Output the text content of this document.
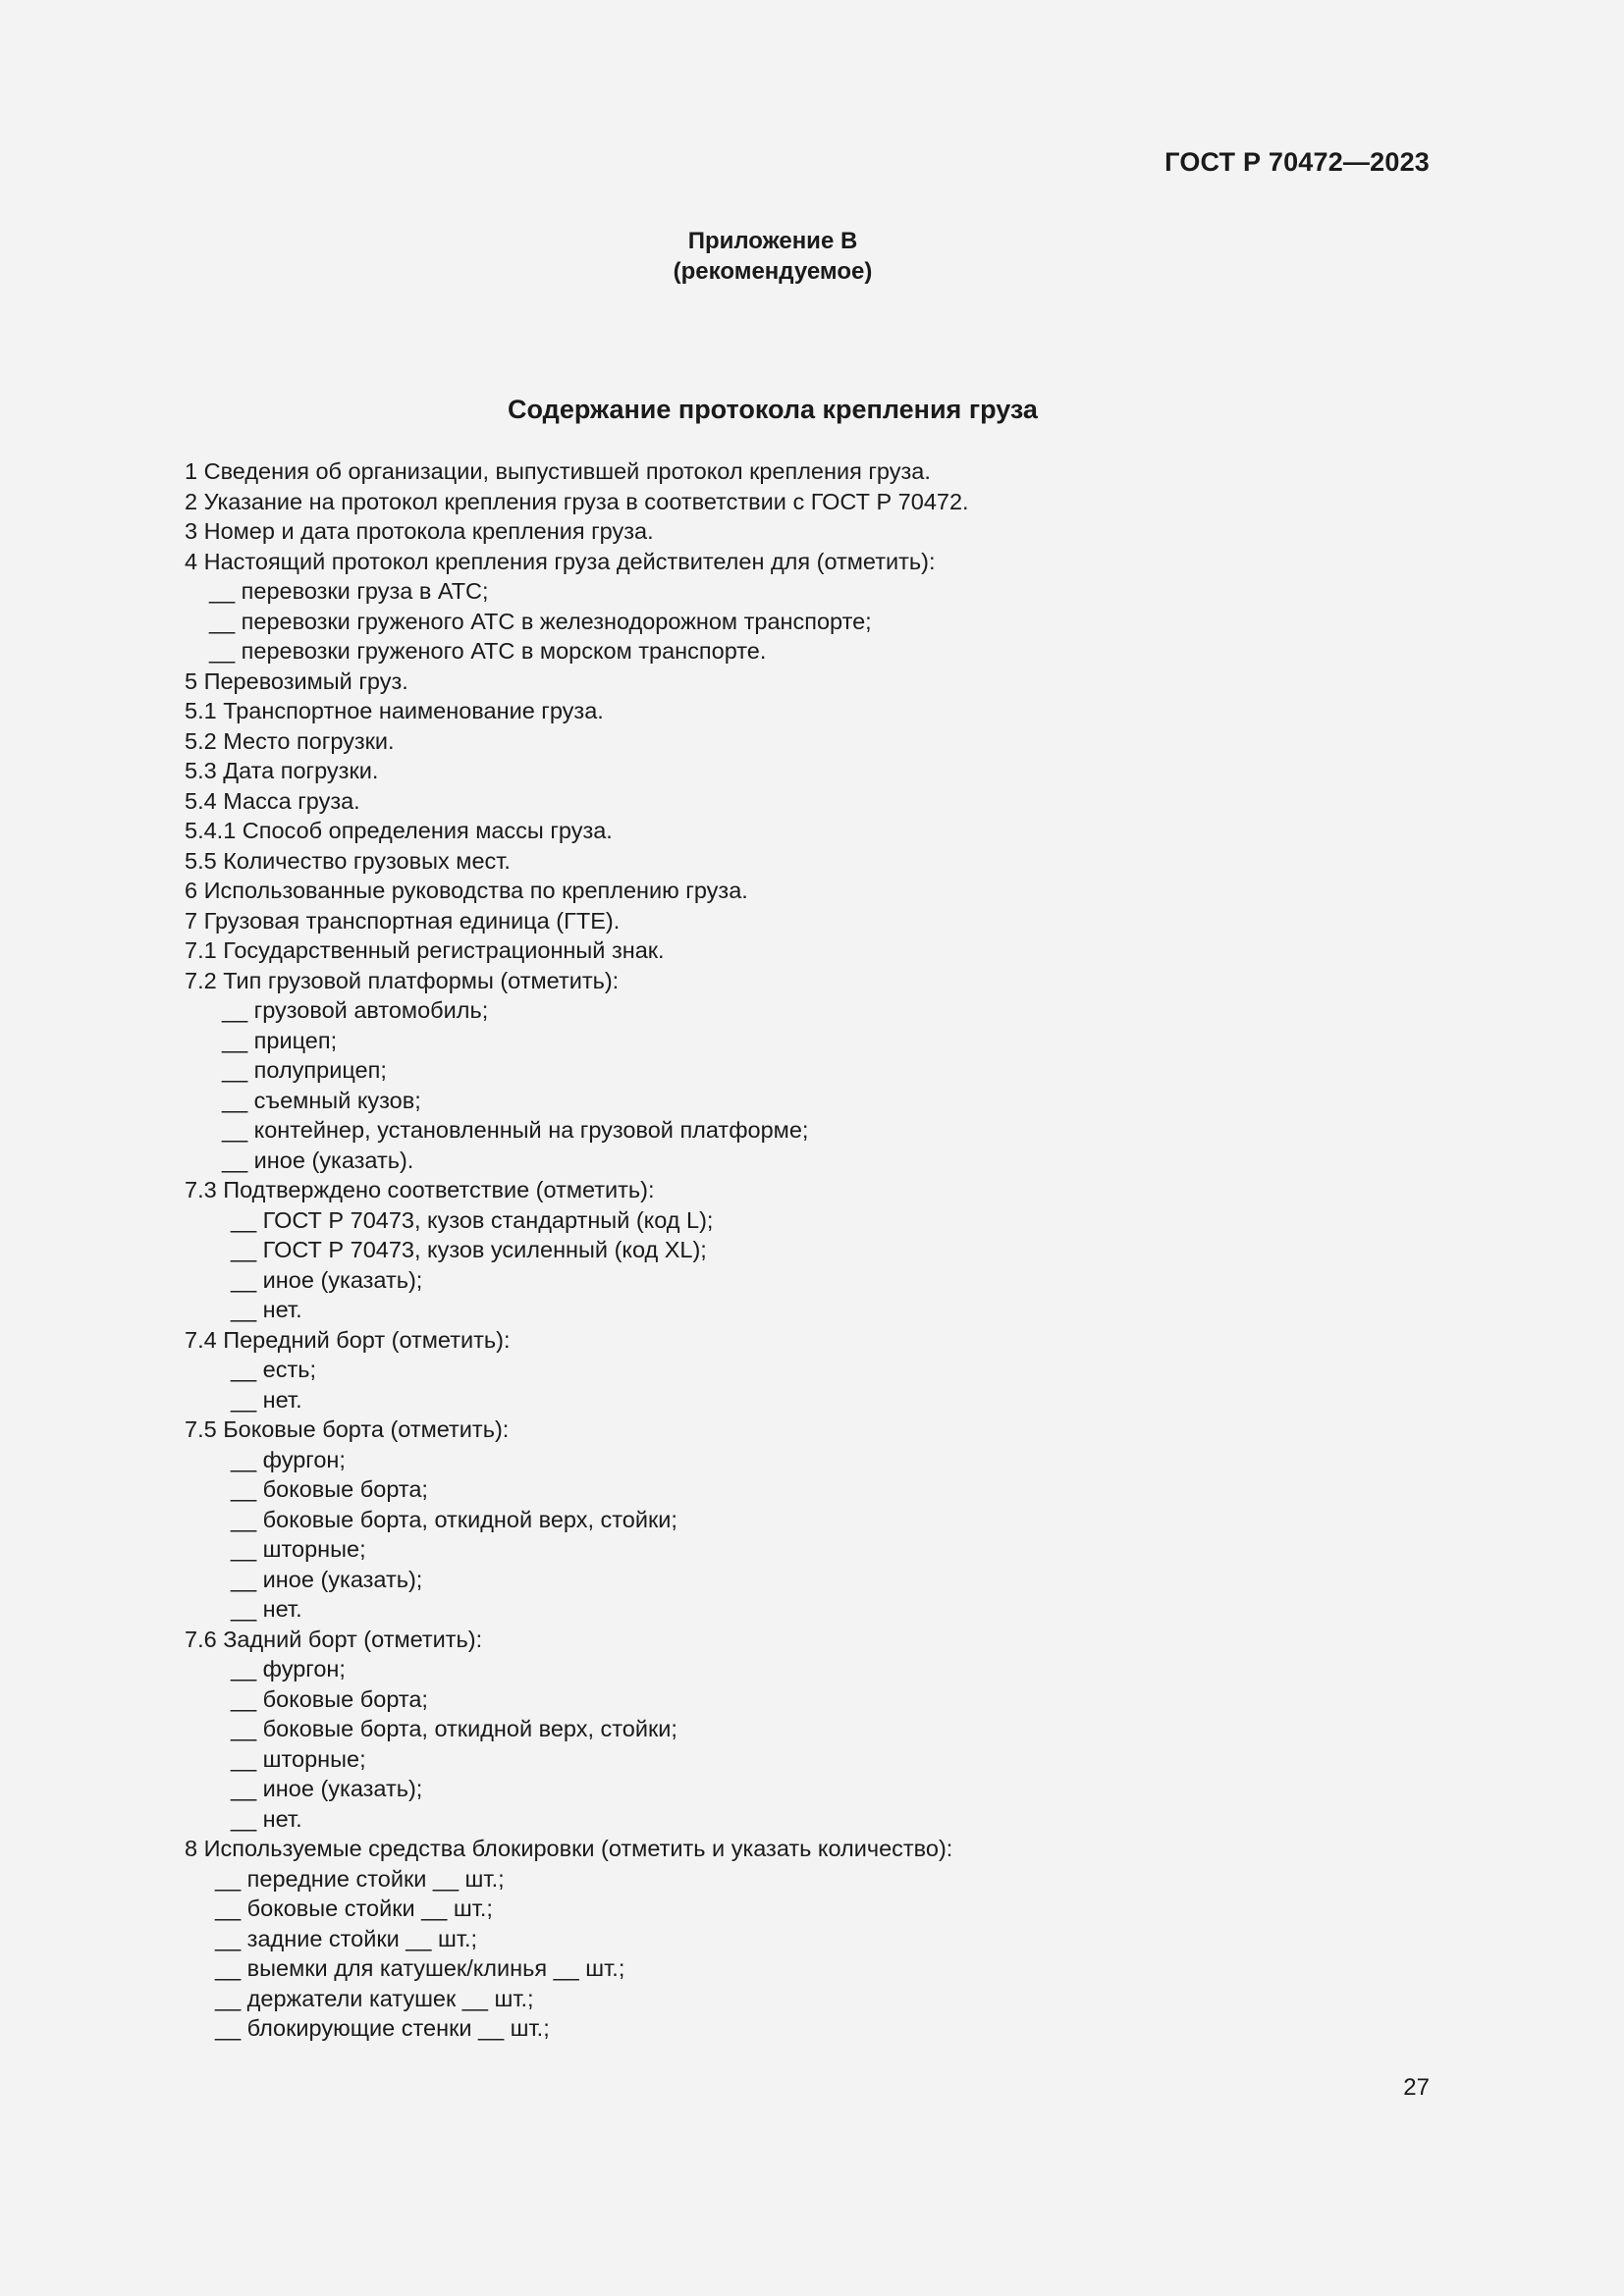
ГОСТ Р 70472—2023
Приложение В
(рекомендуемое)
Содержание протокола крепления груза
1 Сведения об организации, выпустившей протокол крепления груза.
2 Указание на протокол крепления груза в соответствии с ГОСТ Р 70472.
3 Номер и дата протокола крепления груза.
4 Настоящий протокол крепления груза действителен для (отметить):
__ перевозки груза в АТС;
__ перевозки груженого АТС в железнодорожном транспорте;
__ перевозки груженого АТС в морском транспорте.
5 Перевозимый груз.
5.1 Транспортное наименование груза.
5.2 Место погрузки.
5.3 Дата погрузки.
5.4 Масса груза.
5.4.1 Способ определения массы груза.
5.5 Количество грузовых мест.
6 Использованные руководства по креплению груза.
7 Грузовая транспортная единица (ГТЕ).
7.1 Государственный регистрационный знак.
7.2 Тип грузовой платформы (отметить):
__ грузовой автомобиль;
__ прицеп;
__ полуприцеп;
__ съемный кузов;
__ контейнер, установленный на грузовой платформе;
__ иное (указать).
7.3 Подтверждено соответствие (отметить):
__ ГОСТ Р 70473, кузов стандартный (код L);
__ ГОСТ Р 70473, кузов усиленный (код XL);
__ иное (указать);
__ нет.
7.4 Передний борт (отметить):
__ есть;
__ нет.
7.5 Боковые борта (отметить):
__ фургон;
__ боковые борта;
__ боковые борта, откидной верх, стойки;
__ шторные;
__ иное (указать);
__ нет.
7.6 Задний борт (отметить):
__ фургон;
__ боковые борта;
__ боковые борта, откидной верх, стойки;
__ шторные;
__ иное (указать);
__ нет.
8 Используемые средства блокировки (отметить и указать количество):
__ передние стойки __ шт.;
__ боковые стойки __ шт.;
__ задние стойки __ шт.;
__ выемки для катушек/клинья __ шт.;
__ держатели катушек __ шт.;
__ блокирующие стенки __ шт.;
27
